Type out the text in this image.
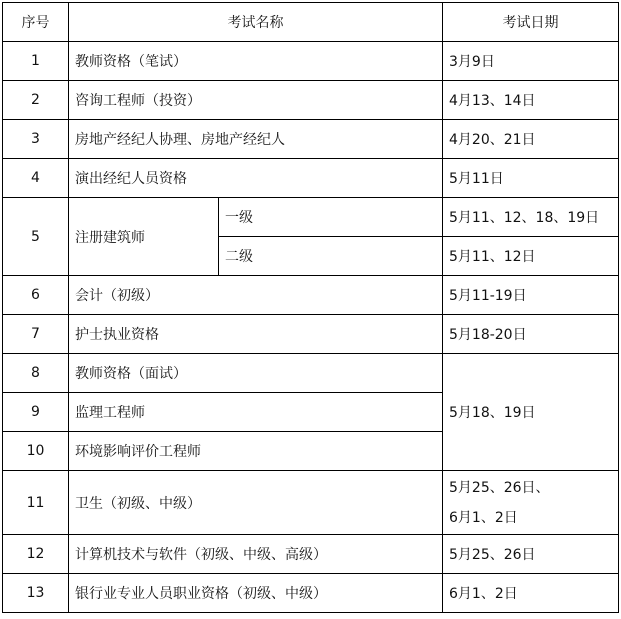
序号	考试名称		考试日期
1	教师资格（笔试）		3月9日
2	咨询工程师（投资）		4月13、14日
3	房地产经纪人协理、房地产经纪人		4月20、21日
4	演出经纪人员资格		5月11日
5	注册建筑师	一级	5月11、12、18、19日
		二级	5月11、12日
6	会计（初级）		5月11-19日
7	护士执业资格		5月18-20日
8	教师资格（面试）		5月18、19日
9	监理工程师		
10	环境影响评价工程师		
11	卫生（初级、中级）		5月25、26日、
6月1、2日

12	计算机技术与软件（初级、中级、高级）		5月25、26日
13	银行业专业人员职业资格（初级、中级）		6月1、2日
